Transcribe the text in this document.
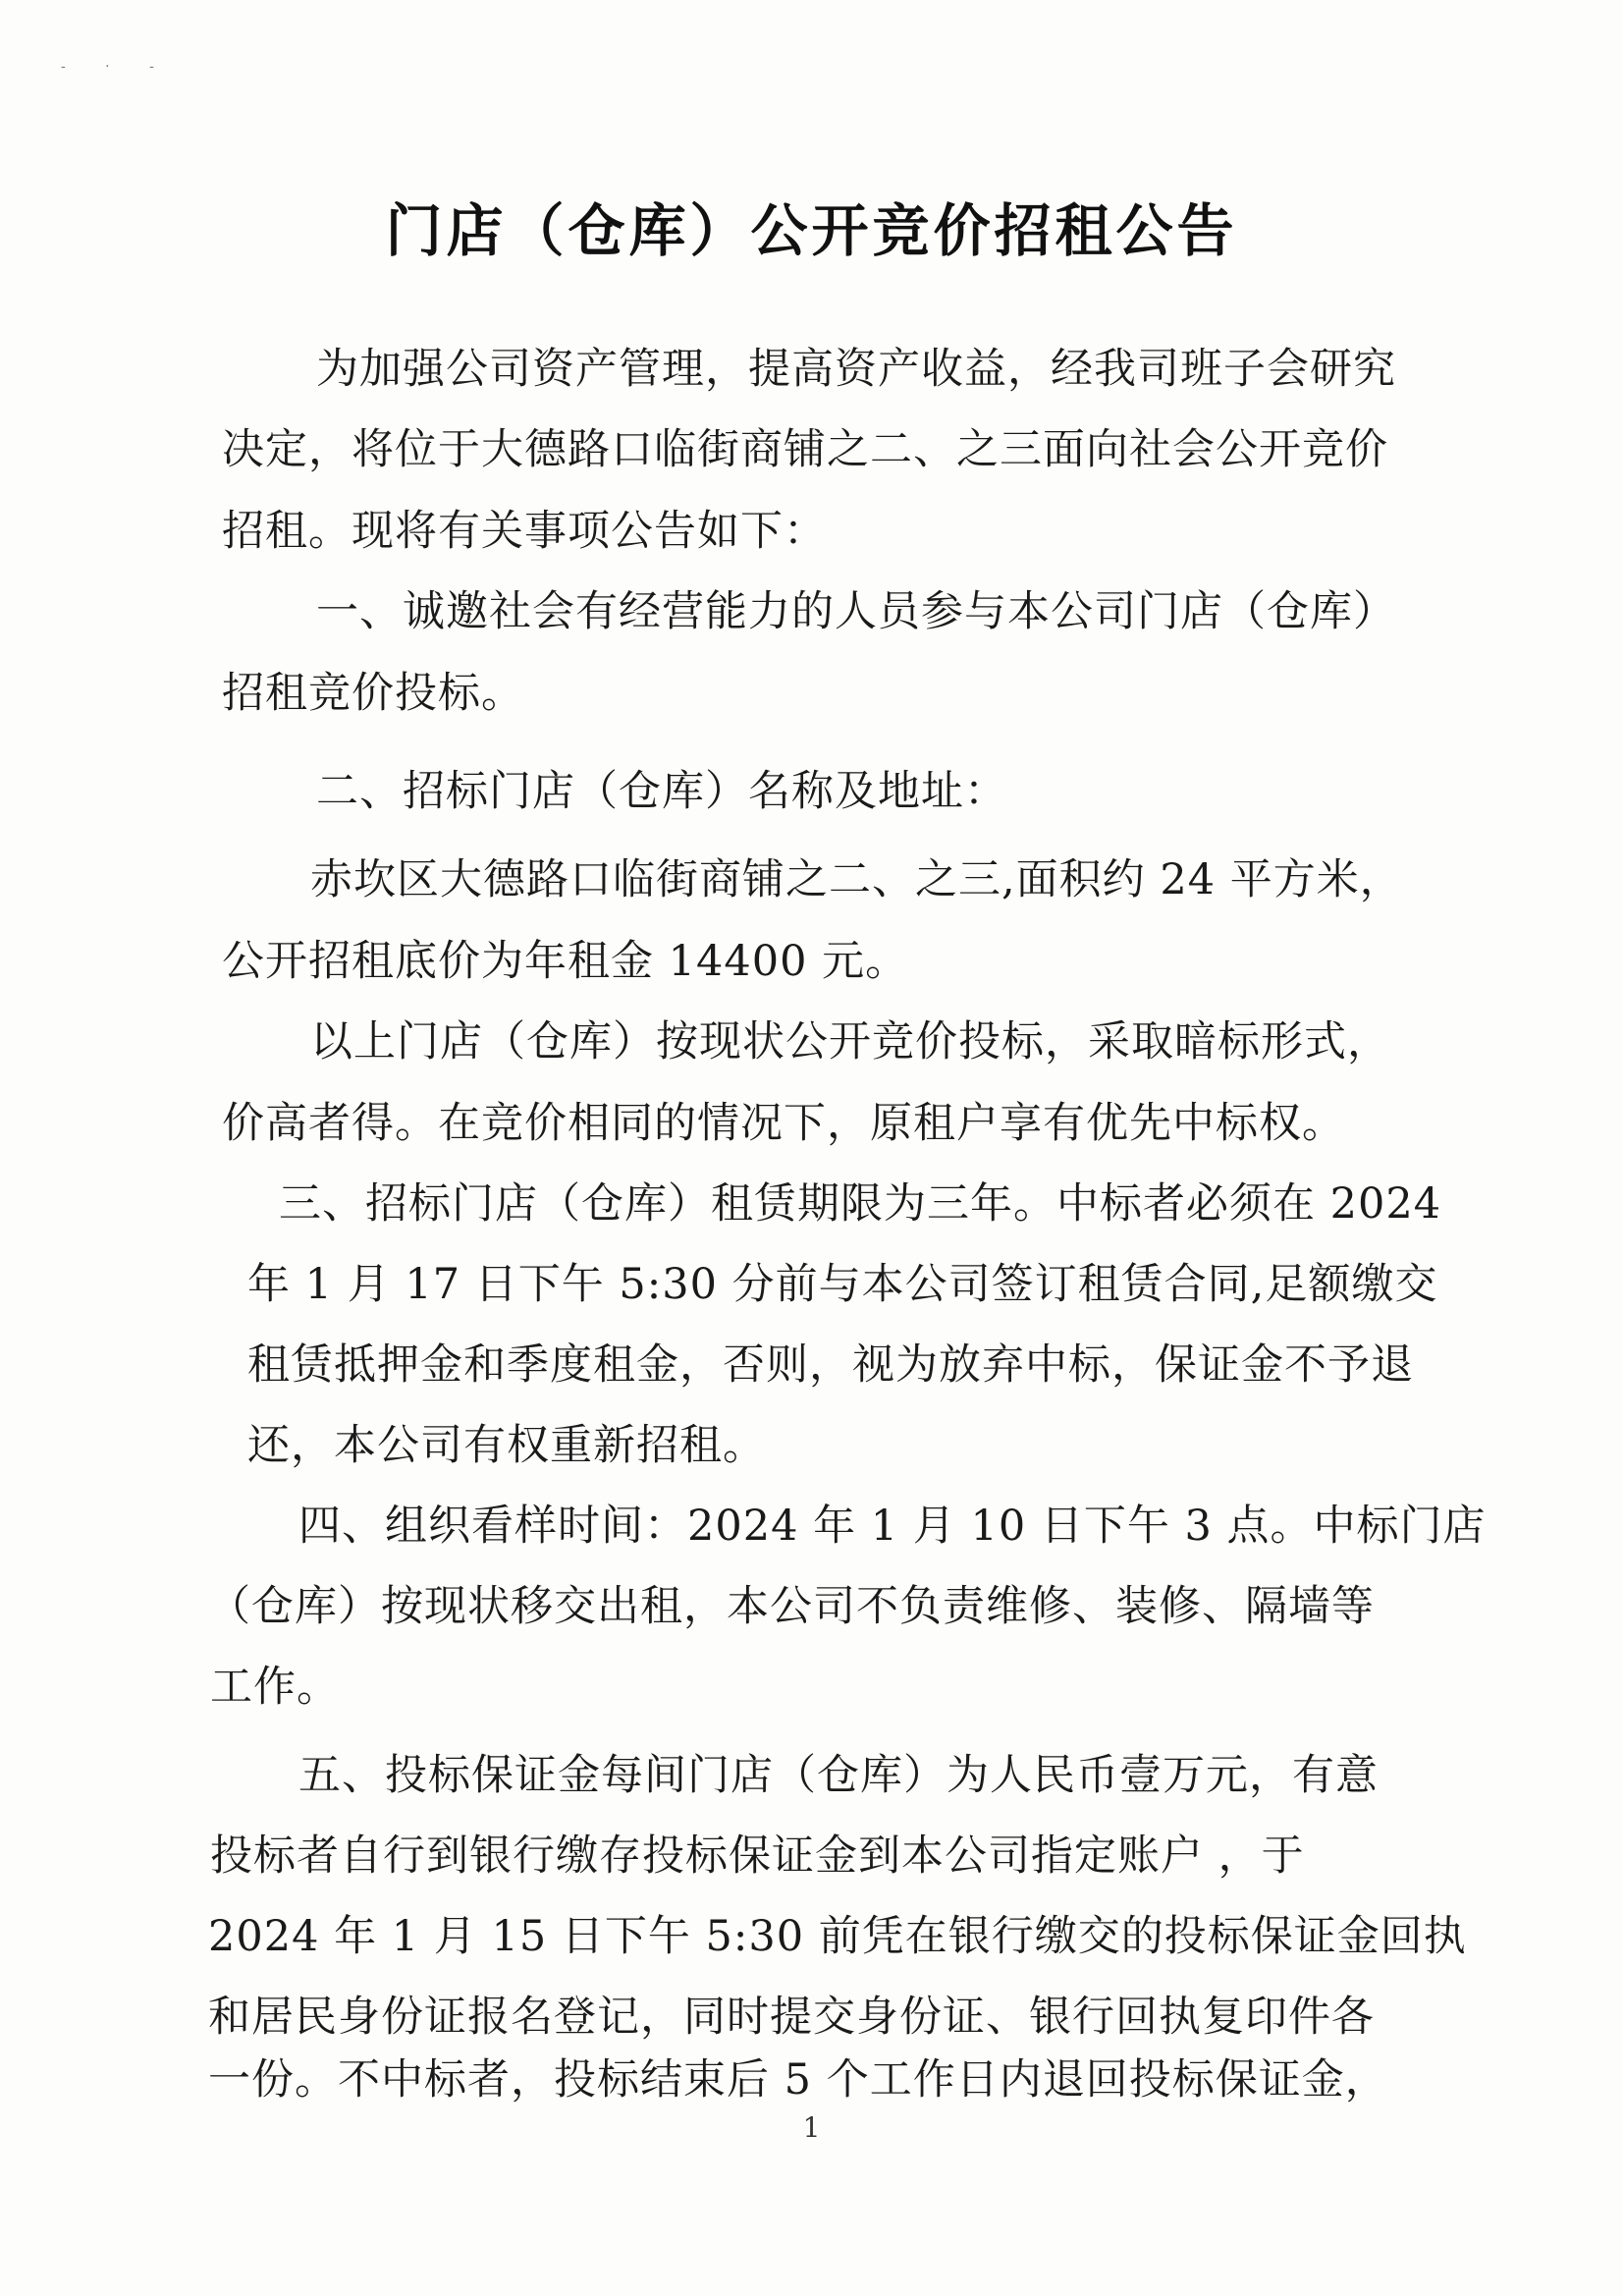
- · -
门店（仓库）公开竞价招租公告
为加强公司资产管理，提高资产收益，经我司班子会研究
决定，将位于大德路口临街商铺之二、之三面向社会公开竞价
招租。现将有关事项公告如下：
一、诚邀社会有经营能力的人员参与本公司门店（仓库）
招租竞价投标。
二、招标门店（仓库）名称及地址：
赤坎区大德路口临街商铺之二、之三,面积约 24 平方米，
公开招租底价为年租金 14400 元。
以上门店（仓库）按现状公开竞价投标，采取暗标形式，
价高者得。在竞价相同的情况下，原租户享有优先中标权。
三、招标门店（仓库）租赁期限为三年。中标者必须在 2024
年 1 月 17 日下午 5:30 分前与本公司签订租赁合同,足额缴交
租赁抵押金和季度租金，否则，视为放弃中标，保证金不予退
还，本公司有权重新招租。
四、组织看样时间：2024 年 1 月 10 日下午 3 点。中标门店
（仓库）按现状移交出租，本公司不负责维修、装修、隔墙等
工作。
五、投标保证金每间门店（仓库）为人民币壹万元，有意
投标者自行到银行缴存投标保证金到本公司指定账户 ，于
2024 年 1 月 15 日下午 5:30 前凭在银行缴交的投标保证金回执
和居民身份证报名登记，同时提交身份证、银行回执复印件各
一份。不中标者，投标结束后 5 个工作日内退回投标保证金，
1
